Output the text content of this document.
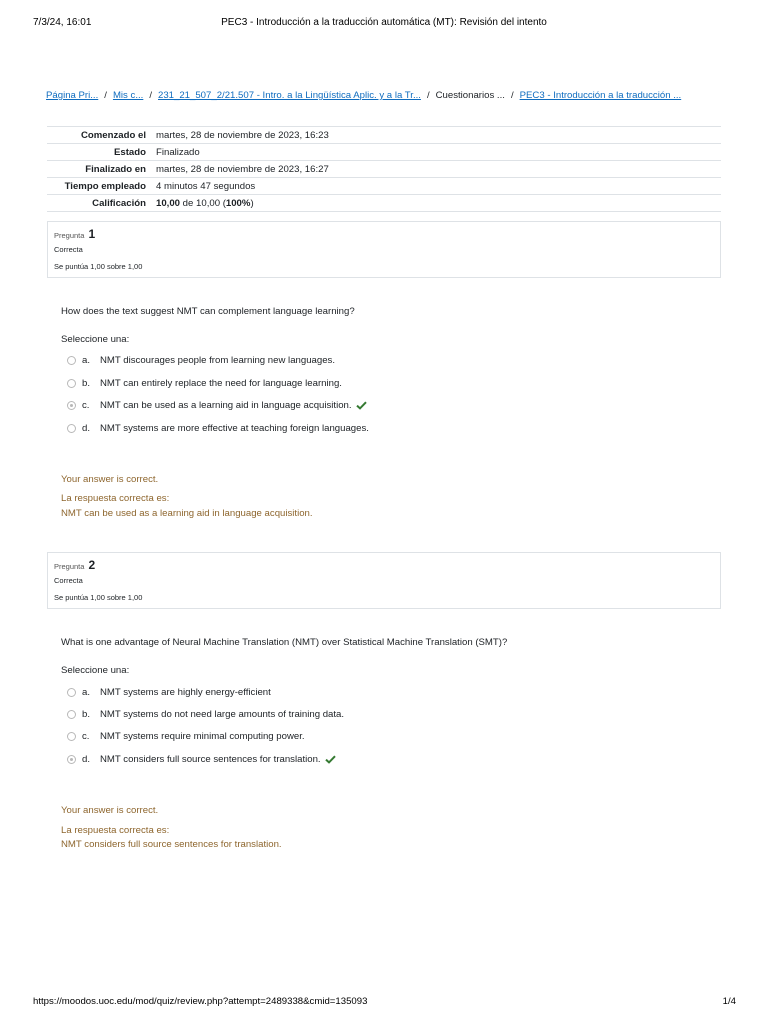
7/3/24, 16:01	PEC3 - Introducción a la traducción automática (MT): Revisión del intento
Página Pri... / Mis c... / 231_21_507_2/21.507 - Intro. a la Lingüística Aplic. y a la Tr... / Cuestionarios ... / PEC3 - Introducción a la traducción ...
Comenzado el	martes, 28 de noviembre de 2023, 16:23
Estado	Finalizado
Finalizado en	martes, 28 de noviembre de 2023, 16:27
Tiempo empleado	4 minutos 47 segundos
Calificación	10,00 de 10,00 (100%)
Pregunta 1
Correcta
Se puntúa 1,00 sobre 1,00
How does the text suggest NMT can complement language learning?
Seleccione una:
a.	NMT discourages people from learning new languages.
b.	NMT can entirely replace the need for language learning.
c.	NMT can be used as a learning aid in language acquisition.
d.	NMT systems are more effective at teaching foreign languages.
Your answer is correct.
La respuesta correcta es:
NMT can be used as a learning aid in language acquisition.
Pregunta 2
Correcta
Se puntúa 1,00 sobre 1,00
What is one advantage of Neural Machine Translation (NMT) over Statistical Machine Translation (SMT)?
Seleccione una:
a.	NMT systems are highly energy-efficient
b.	NMT systems do not need large amounts of training data.
c.	NMT systems require minimal computing power.
d.	NMT considers full source sentences for translation.
Your answer is correct.
La respuesta correcta es:
NMT considers full source sentences for translation.
https://moodos.uoc.edu/mod/quiz/review.php?attempt=2489338&cmid=135093	1/4
